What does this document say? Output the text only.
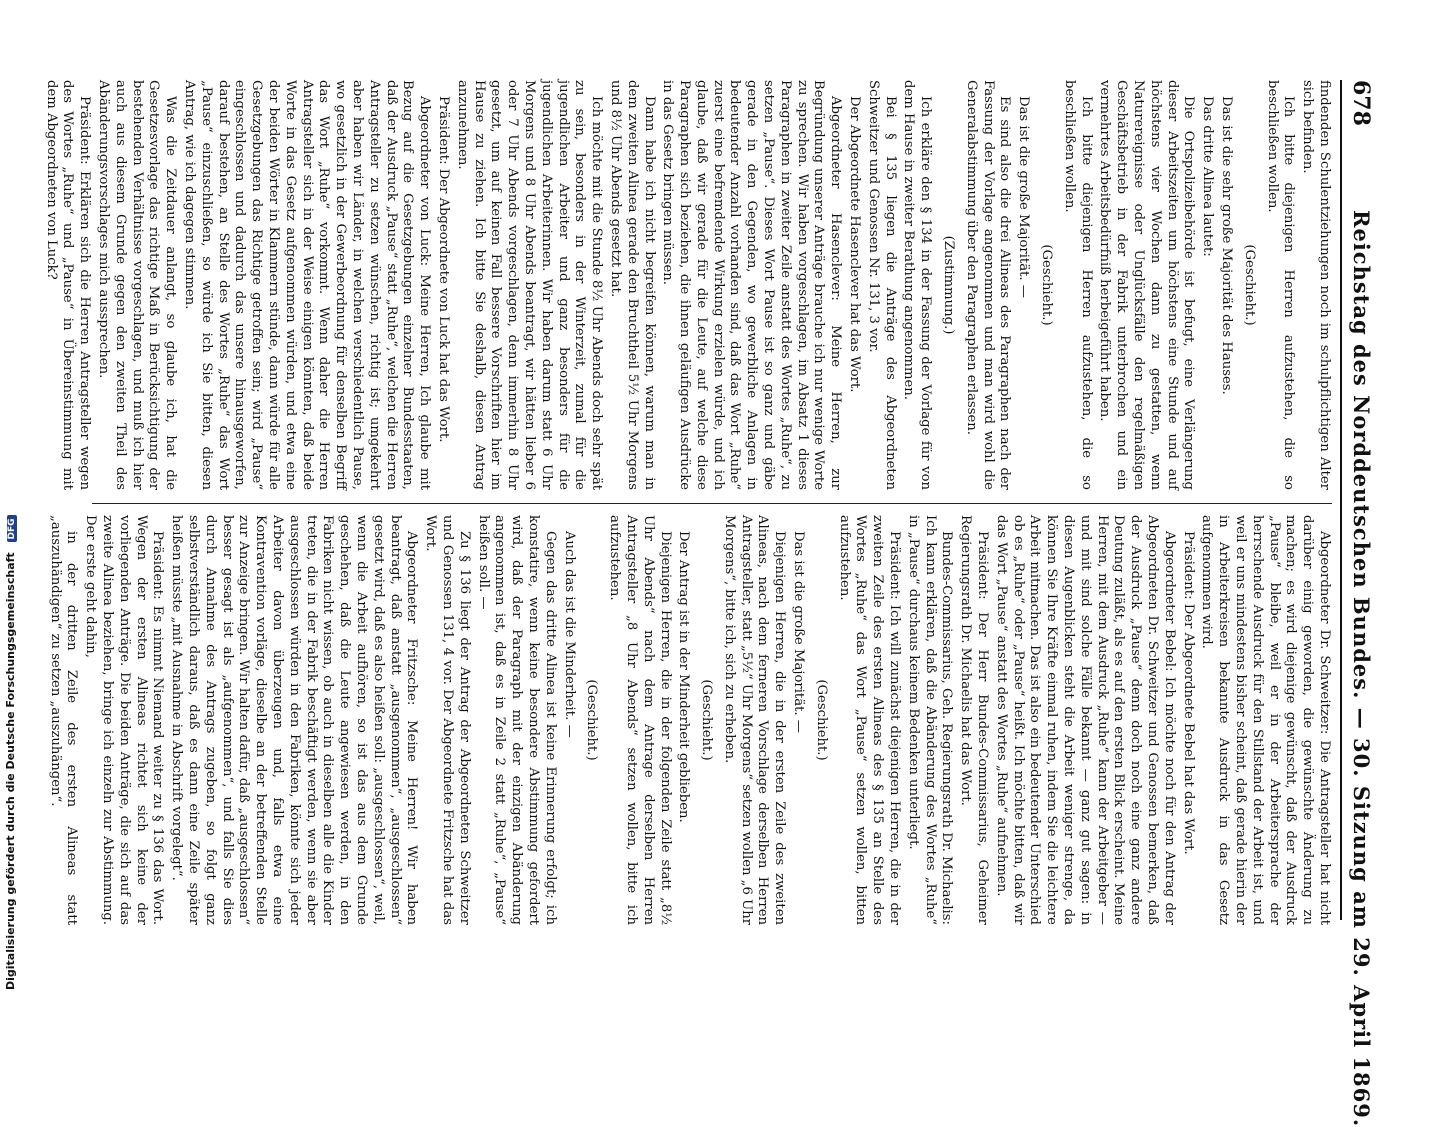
678
Reichstag des Norddeutschen Bundes. — 30. Sitzung am 29. April 1869.

findenden Schulentziehungen noch im schulpflichtigen Alter sich befinden.

Ich bitte diejenigen Herren aufzustehen, die so beschließen wollen.

(Geschieht.)

Das ist die sehr große Majorität des Hauses.

Das dritte Alinea lautet:

Die Ortspolizeibehörde ist befugt, eine Verlängerung dieser Arbeitszeiten um höchstens eine Stunde und auf höchstens vier Wochen dann zu gestatten, wenn Naturereignisse oder Unglücksfälle den regelmäßigen Geschäftsbetrieb in der Fabrik unterbrochen und ein vermehrtes Arbeitsbedürfniß herbeigeführt haben.

Ich bitte diejenigen Herren aufzustehen, die so beschließen wollen.

(Geschieht.)

Das ist die große Majorität. —

Es sind also die drei Alineas des Paragraphen nach der Fassung der Vorlage angenommen und man wird wohl die Generalabstimmung über den Paragraphen erlassen.

(Zustimmung.)

Ich erkläre den § 134 in der Fassung der Vorlage für von dem Hause in zweiter Berathung angenommen.

Bei § 135 liegen die Anträge des Abgeordneten Schweitzer und Genossen Nr. 131, 3 vor.

Der Abgeordnete Hasenclever hat das Wort.

Abgeordneter Hasenclever: Meine Herren, zur Begründung unserer Anträge brauche ich nur wenige Worte zu sprechen. Wir haben vorgeschlagen, im Absatz 1 dieses Paragraphen in zweiter Zeile anstatt des Wortes „Ruhe“, zu setzen „Pause“. Dieses Wort Pause ist so ganz und gäbe gerade in den Gegenden, wo gewerbliche Anlagen in bedeutender Anzahl vorhanden sind, daß das Wort „Ruhe“ zuerst eine befremdende Wirkung erzielen würde, und ich glaube, daß wir gerade für die Leute, auf welche diese Paragraphen sich beziehen, die ihnen geläufigen Ausdrücke in das Gesetz bringen müssen.

Dann habe ich nicht begreifen können, warum man in dem zweiten Alinea gerade den Bruchtheil 5½ Uhr Morgens und 8½ Uhr Abends gesetzt hat.

Ich möchte mit die Stunde 8½ Uhr Abends doch sehr spät zu sein, besonders in der Winterzeit, zumal für die jugendlichen Arbeiter und ganz besonders für die jugendlichen Arbeiterinnen. Wir haben darum statt 6 Uhr Morgens und 8 Uhr Abends beantragt, wir hätten lieber 6 oder 7 Uhr Abends vorgeschlagen, denn immerhin 8 Uhr gesetzt, um auf keinen Fall bessere Vorschriften hier im Hause zu ziehen. Ich bitte Sie deshalb, diesen Antrag anzunehmen.

Präsident: Der Abgeordnete von Luck hat das Wort.

Abgeordneter von Luck: Meine Herren, Ich glaube mit Bezug auf die Gesetzgebungen einzelner Bundesstaaten, daß der Ausdruck „Pause“ statt „Ruhe“, welchen die Herren Antragsteller zu setzen wünschen, richtig ist; umgekehrt aber haben wir Länder, in welchen verschiedentlich Pause, wo gesetzlich in der Gewerbeordnung für denselben Begriff das Wort „Ruhe“ vorkommt. Wenn daher die Herren Antragsteller sich in der Weise einigen könnten, daß beide Worte in das Gesetz aufgenommen würden, und etwa eine der beiden Wörter in Klammern stünde, dann würde für alle Gesetzgebungen das Richtige getroffen sein; wird „Pause“ eingeschlossen und dadurch das unsere hinausgeworfen, darauf bestehen, an Stelle des Wortes „Ruhe“ das Wort „Pause“ einzuschließen, so würde ich Sie bitten, diesen Antrag, wie ich dagegen stimmen.

Was die Zeitdauer anlangt, so glaube ich, hat die Gesetzesvorlage das richtige Maß in Berücksichtigung der bestehenden Verhältnisse vorgeschlagen, und muß ich hier auch aus diesem Grunde gegen den zweiten Theil des Abänderungsvorschlages mich aussprechen.

Präsident: Erklären sich die Herren Antragsteller wegen des Wortes „Ruhe“ und „Pause“ in Übereinstimmung mit dem Abgeordneten von Luck?

Abgeordneter Dr. Schweitzer: Die Antragsteller hat nicht darüber einig geworden, die gewünschte Änderung zu machen; es wird diejenige gewünscht, daß der Ausdruck „Pause“ bleibe, weil er in der Arbeitersprache der herrschende Ausdruck für den Stillstand der Arbeit ist, und weil er uns mindestens bisher scheint, daß gerade hierin der in Arbeiterkreisen bekannte Ausdruck in das Gesetz aufgenommen wird.

Präsident: Der Abgeordnete Bebel hat das Wort.

Abgeordneter Bebel: Ich möchte noch für den Antrag der Abgeordneten Dr. Schweitzer und Genossen bemerken, daß der Ausdruck „Pause“ denn doch noch eine ganz andere Deutung zuläßt, als es auf den ersten Blick erscheint. Meine Herren, mit dem Ausdruck „Ruhe“ kann der Arbeitgeber — und mit sind solche Fälle bekannt — ganz gut sagen: in diesen Augenblicken steht die Arbeit weniger strenge, da können Sie Ihre Kräfte einmal ruhen, indem Sie die leichtere Arbeit mitmachen. Das ist also ein bedeutender Unterschied ob es „Ruhe“ oder „Pause“ heißt. Ich möchte bitten, daß wir das Wort „Pause“ anstatt des Wortes „Ruhe“ aufnehmen.

Präsident: Der Herr Bundes-Commissarius, Geheimer Regierungsrath Dr. Michaelis hat das Wort.

Bundes-Commissarius, Geh. Regierungsrath Dr. Michaelis: Ich kann erklären, daß die Abänderung des Wortes „Ruhe“ in „Pause“ durchaus keinem Bedenken unterliegt.

Präsident: Ich will zunächst diejenigen Herren, die in der zweiten Zeile des ersten Alineas des § 135 an Stelle des Wortes „Ruhe“ das Wort „Pause“ setzen wollen, bitten aufzustehen.

(Geschieht.)

Das ist die große Majorität. —

Diejenigen Herren, die in der ersten Zeile des zweiten Alineas, nach dem ferneren Vorschlage derselben Herren Antragsteller, statt „5½“ Uhr Morgens“ setzen wollen „6 Uhr Morgens“, bitte ich, sich zu erheben.

(Geschieht.)

Der Antrag ist in der Minderheit geblieben.

Diejenigen Herren, die in der folgenden Zeile statt „8½ Uhr Abends“ nach dem Antrage derselben Herren Antragsteller „8 Uhr Abends“ setzen wollen, bitte ich aufzustehen.

(Geschieht.)

Auch das ist die Minderheit. —

Gegen das dritte Alinea ist keine Erinnerung erfolgt; ich konstatire, wenn keine besondere Abstimmung gefordert wird, daß der Paragraph mit der einzigen Abänderung angenommen ist, daß es in Zeile 2 statt „Ruhe“, „Pause“ heißen soll. —

Zu § 136 liegt der Antrag der Abgeordneten Schweitzer und Genossen 131, 4 vor. Der Abgeordnete Fritzsche hat das Wort.

Abgeordneter Fritzsche: Meine Herren! Wir haben beantragt, daß anstatt „ausgenommen“, „ausgeschlossen“ gesetzt wird, daß es also heißen soll: „ausgeschlossen“, weil, wenn die Arbeit aufhören, so ist das aus dem Grunde geschehen, daß die Leute angewiesen werden, in den Fabriken nicht wissen, ob auch in dieselben alle die Kinder treten, die in der Fabrik beschäftigt werden, wenn sie aber ausgeschlossen würden in den Fabriken, könnte sich jeder Arbeiter davon überzeugen und, falls etwa eine Kontravention vorläge, dieselbe an der betreffenden Stelle zur Anzeige bringen. Wir halten dafür, daß „ausgeschlossen“ besser gesagt ist als „aufgenommen“, und falls Sie dies durch Annahme des Antrags zugeben, so folgt ganz selbstverständlich daraus, daß es dann eine Zeile später heißen müsste „mit Ausnahme in Abschrift vorgelegt“.

Präsident: Es nimmt Niemand weiter zu § 136 das Wort. Wegen der ersten Alineas richtet sich keine der vorliegenden Anträge. Die beiden Anträge, die sich auf das zweite Alinea beziehen, bringe ich einzeln zur Abstimmung. Der erste geht dahin,

in der dritten Zeile des ersten Alineas statt „auszuhändigen“ zu setzen „auszuhängen“.

Digitalisierung gefördert durch die Deutsche Forschungsgemeinschaft DFG
